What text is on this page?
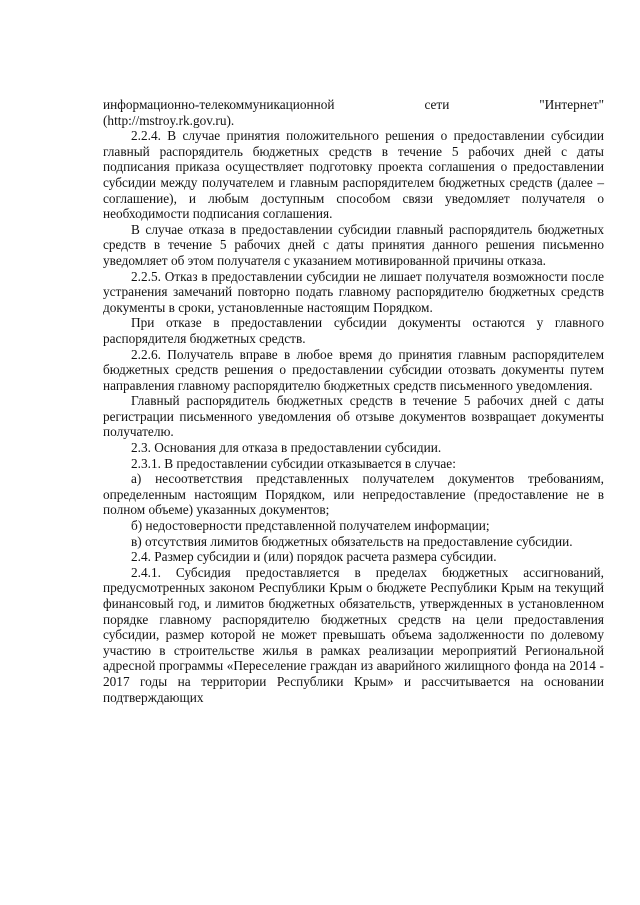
информационно-телекоммуникационной	сети	"Интернет"

(http://mstroy.rk.gov.ru).

2.2.4. В случае принятия положительного решения о предоставлении субсидии главный распорядитель бюджетных средств в течение 5 рабочих дней с даты подписания приказа осуществляет подготовку проекта соглашения о предоставлении субсидии между получателем и главным распорядителем бюджетных средств (далее – соглашение), и любым доступным способом связи уведомляет получателя о необходимости подписания соглашения.

В случае отказа в предоставлении субсидии главный распорядитель бюджетных средств в течение 5 рабочих дней с даты принятия данного решения письменно уведомляет об этом получателя с указанием мотивированной причины отказа.

2.2.5. Отказ в предоставлении субсидии не лишает получателя возможности после устранения замечаний повторно подать главному распорядителю бюджетных средств документы в сроки, установленные настоящим Порядком.

При отказе в предоставлении субсидии документы остаются у главного распорядителя бюджетных средств.

2.2.6. Получатель вправе в любое время до принятия главным распорядителем бюджетных средств решения о предоставлении субсидии отозвать документы путем направления главному распорядителю бюджетных средств письменного уведомления.

Главный распорядитель бюджетных средств в течение 5 рабочих дней с даты регистрации письменного уведомления об отзыве документов возвращает документы получателю.

2.3. Основания для отказа в предоставлении субсидии.

2.3.1. В предоставлении субсидии отказывается в случае:

а) несоответствия представленных получателем документов требованиям, определенным настоящим Порядком, или непредоставление (предоставление не в полном объеме) указанных документов;

б) недостоверности представленной получателем информации;

в) отсутствия лимитов бюджетных обязательств на предоставление субсидии.

2.4. Размер субсидии и (или) порядок расчета размера субсидии.

2.4.1. Субсидия предоставляется в пределах бюджетных ассигнований, предусмотренных законом Республики Крым о бюджете Республики Крым на текущий финансовый год, и лимитов бюджетных обязательств, утвержденных в установленном порядке главному распорядителю бюджетных средств на цели предоставления субсидии, размер которой не может превышать объема задолженности по долевому участию в строительстве жилья в рамках реализации мероприятий Региональной адресной программы «Переселение граждан из аварийного жилищного фонда на 2014 - 2017 годы на территории Республики Крым» и рассчитывается на основании подтверждающих
